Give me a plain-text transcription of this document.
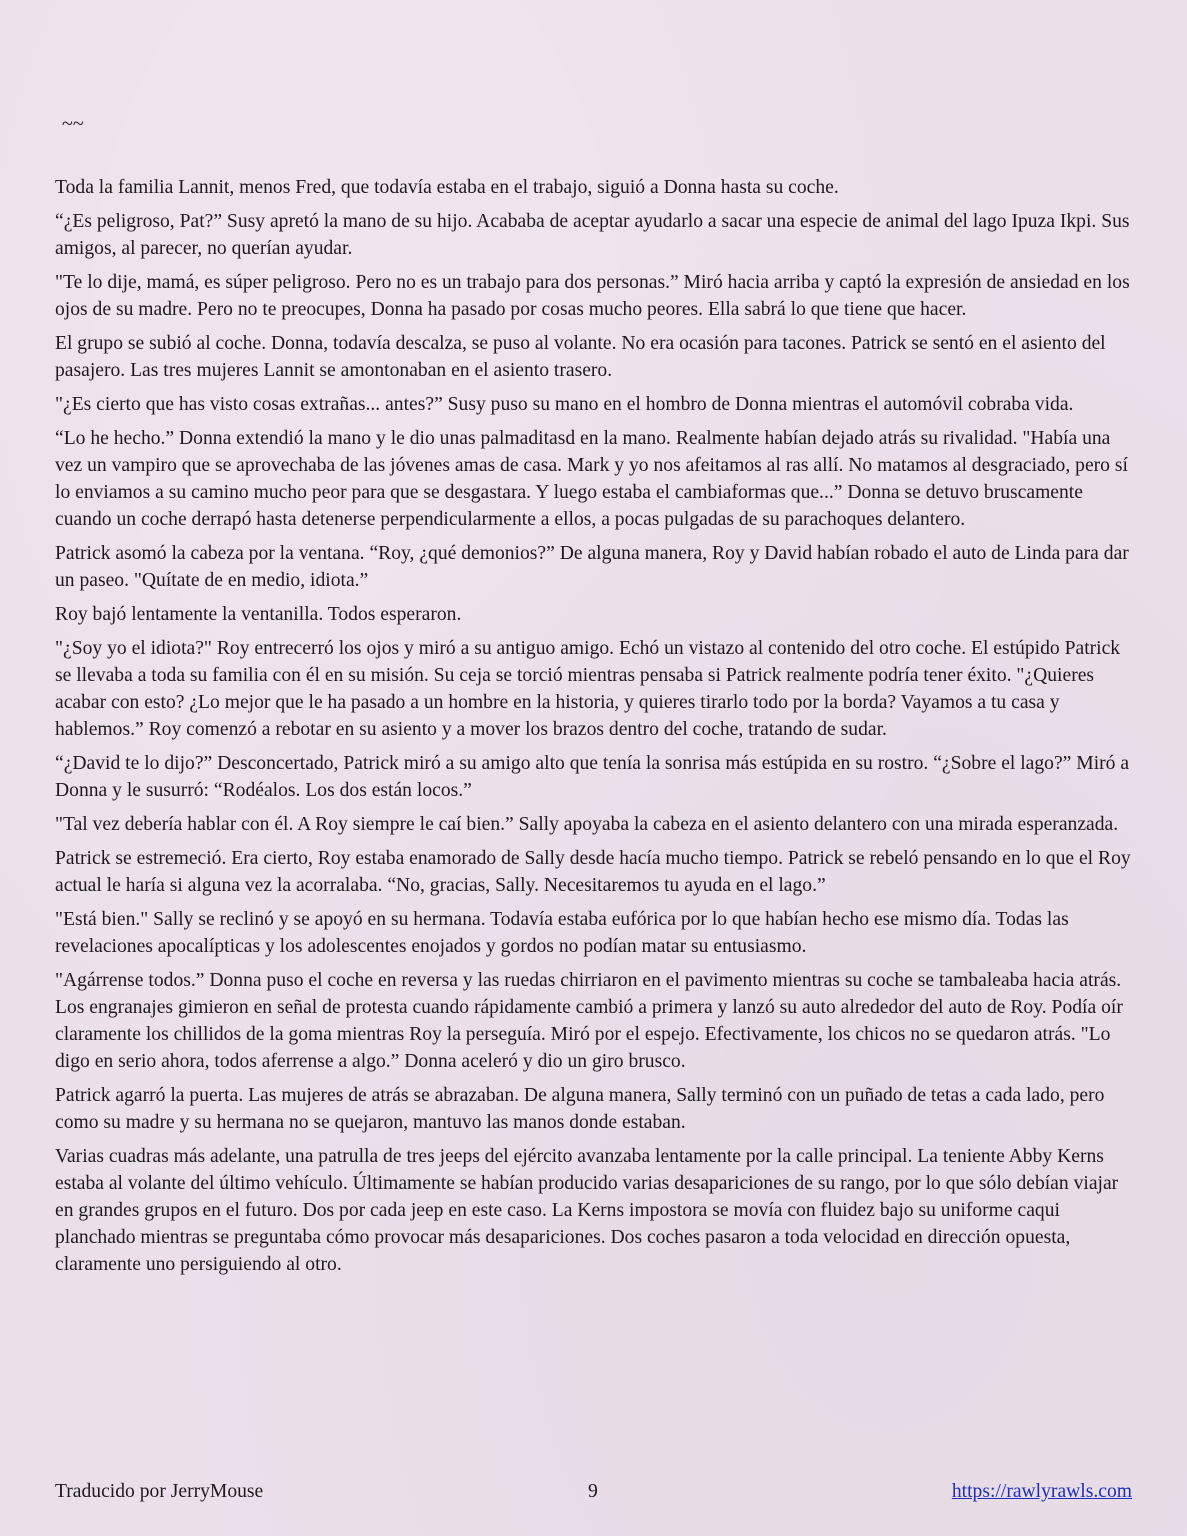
~~

Toda la familia Lannit, menos Fred, que todavía estaba en el trabajo, siguió a Donna hasta su coche.

“¿Es peligroso, Pat?” Susy apretó la mano de su hijo. Acababa de aceptar ayudarlo a sacar una especie de animal del lago Ipuza Ikpi. Sus amigos, al parecer, no querían ayudar.

"Te lo dije, mamá, es súper peligroso. Pero no es un trabajo para dos personas.” Miró hacia arriba y captó la expresión de ansiedad en los ojos de su madre. Pero no te preocupes, Donna ha pasado por cosas mucho peores. Ella sabrá lo que tiene que hacer.

El grupo se subió al coche. Donna, todavía descalza, se puso al volante. No era ocasión para tacones. Patrick se sentó en el asiento del pasajero. Las tres mujeres Lannit se amontonaban en el asiento trasero.

"¿Es cierto que has visto cosas extrañas... antes?” Susy puso su mano en el hombro de Donna mientras el automóvil cobraba vida.

“Lo he hecho.” Donna extendió la mano y le dio unas palmaditasd en la mano. Realmente habían dejado atrás su rivalidad. "Había una vez un vampiro que se aprovechaba de las jóvenes amas de casa. Mark y yo nos afeitamos al ras allí. No matamos al desgraciado, pero sí lo enviamos a su camino mucho peor para que se desgastara. Y luego estaba el cambiaformas que...” Donna se detuvo bruscamente cuando un coche derrapó hasta detenerse perpendicularmente a ellos, a pocas pulgadas de su parachoques delantero.

Patrick asomó la cabeza por la ventana. “Roy, ¿qué demonios?” De alguna manera, Roy y David habían robado el auto de Linda para dar un paseo. "Quítate de en medio, idiota.”

Roy bajó lentamente la ventanilla. Todos esperaron.

"¿Soy yo el idiota?" Roy entrecerró los ojos y miró a su antiguo amigo. Echó un vistazo al contenido del otro coche. El estúpido Patrick se llevaba a toda su familia con él en su misión. Su ceja se torció mientras pensaba si Patrick realmente podría tener éxito. "¿Quieres acabar con esto? ¿Lo mejor que le ha pasado a un hombre en la historia, y quieres tirarlo todo por la borda? Vayamos a tu casa y hablemos.” Roy comenzó a rebotar en su asiento y a mover los brazos dentro del coche, tratando de sudar.

“¿David te lo dijo?” Desconcertado, Patrick miró a su amigo alto que tenía la sonrisa más estúpida en su rostro. “¿Sobre el lago?” Miró a Donna y le susurró: “Rodéalos. Los dos están locos.”

"Tal vez debería hablar con él. A Roy siempre le caí bien.” Sally apoyaba la cabeza en el asiento delantero con una mirada esperanzada.

Patrick se estremeció. Era cierto, Roy estaba enamorado de Sally desde hacía mucho tiempo. Patrick se rebeló pensando en lo que el Roy actual le haría si alguna vez la acorralaba. “No, gracias, Sally. Necesitaremos tu ayuda en el lago.”

"Está bien." Sally se reclinó y se apoyó en su hermana. Todavía estaba eufórica por lo que habían hecho ese mismo día. Todas las revelaciones apocalípticas y los adolescentes enojados y gordos no podían matar su entusiasmo.

"Agárrense todos.” Donna puso el coche en reversa y las ruedas chirriaron en el pavimento mientras su coche se tambaleaba hacia atrás. Los engranajes gimieron en señal de protesta cuando rápidamente cambió a primera y lanzó su auto alrededor del auto de Roy. Podía oír claramente los chillidos de la goma mientras Roy la perseguía. Miró por el espejo. Efectivamente, los chicos no se quedaron atrás. "Lo digo en serio ahora, todos aferrense a algo.” Donna aceleró y dio un giro brusco.

Patrick agarró la puerta. Las mujeres de atrás se abrazaban. De alguna manera, Sally terminó con un puñado de tetas a cada lado, pero como su madre y su hermana no se quejaron, mantuvo las manos donde estaban.

Varias cuadras más adelante, una patrulla de tres jeeps del ejército avanzaba lentamente por la calle principal. La teniente Abby Kerns estaba al volante del último vehículo. Últimamente se habían producido varias desapariciones de su rango, por lo que sólo debían viajar en grandes grupos en el futuro. Dos por cada jeep en este caso. La Kerns impostora se movía con fluidez bajo su uniforme caqui planchado mientras se preguntaba cómo provocar más desapariciones. Dos coches pasaron a toda velocidad en dirección opuesta, claramente uno persiguiendo al otro.

Traducido por JerryMouse	9	https://rawlyrawls.com
